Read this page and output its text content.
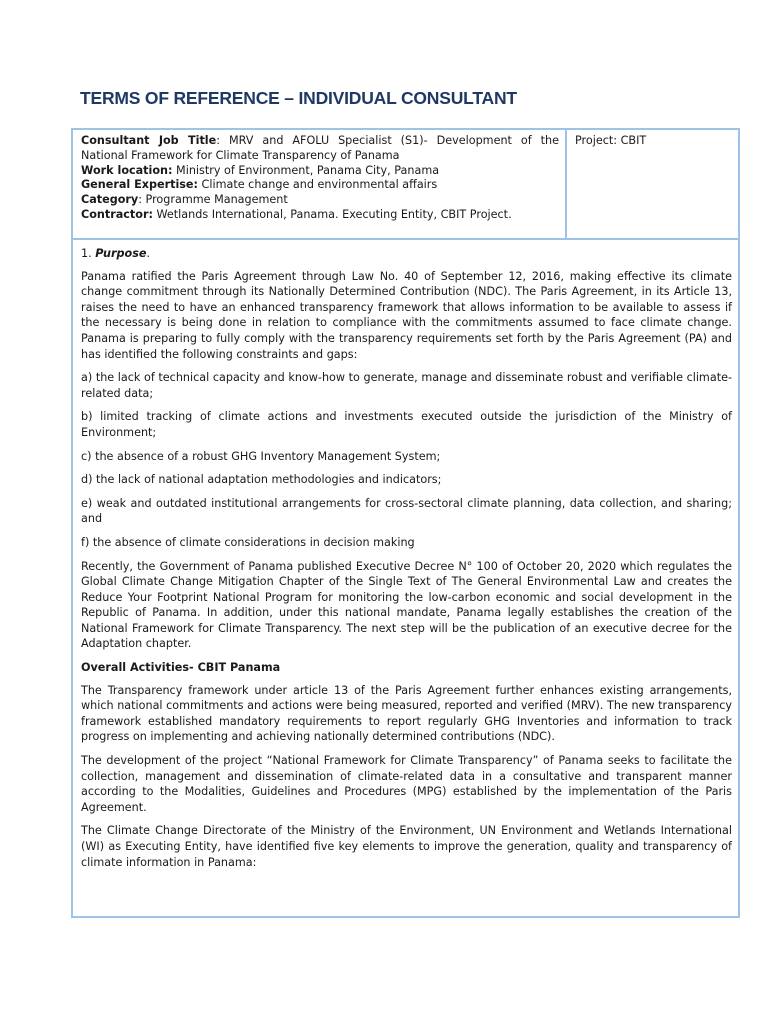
TERMS OF REFERENCE – INDIVIDUAL CONSULTANT
Consultant Job Title: MRV and AFOLU Specialist (S1)- Development of the
National Framework for Climate Transparency of Panama
Work location: Ministry of Environment, Panama City, Panama
General Expertise: Climate change and environmental affairs
Category: Programme Management
Contractor: Wetlands International, Panama. Executing Entity, CBIT Project.
Project: CBIT
1. Purpose.

Panama ratified the Paris Agreement through Law No. 40 of September 12, 2016, making effective its climate change commitment through its Nationally Determined Contribution (NDC). The Paris Agreement, in its Article 13, raises the need to have an enhanced transparency framework that allows information to be available to assess if the necessary is being done in relation to compliance with the commitments assumed to face climate change. Panama is preparing to fully comply with the transparency requirements set forth by the Paris Agreement (PA) and has identified the following constraints and gaps:

a) the lack of technical capacity and know-how to generate, manage and disseminate robust and verifiable climate-related data;

b) limited tracking of climate actions and investments executed outside the jurisdiction of the Ministry of Environment;

c) the absence of a robust GHG Inventory Management System;

d) the lack of national adaptation methodologies and indicators;

e) weak and outdated institutional arrangements for cross-sectoral climate planning, data collection, and sharing; and

f) the absence of climate considerations in decision making

Recently, the Government of Panama published Executive Decree N° 100 of October 20, 2020 which regulates the Global Climate Change Mitigation Chapter of the Single Text of The General Environmental Law and creates the Reduce Your Footprint National Program for monitoring the low-carbon economic and social development in the Republic of Panama. In addition, under this national mandate, Panama legally establishes the creation of the National Framework for Climate Transparency. The next step will be the publication of an executive decree for the Adaptation chapter.

Overall Activities- CBIT Panama

The Transparency framework under article 13 of the Paris Agreement further enhances existing arrangements, which national commitments and actions were being measured, reported and verified (MRV). The new transparency framework established mandatory requirements to report regularly GHG Inventories and information to track progress on implementing and achieving nationally determined contributions (NDC).

The development of the project “National Framework for Climate Transparency” of Panama seeks to facilitate the collection, management and dissemination of climate-related data in a consultative and transparent manner according to the Modalities, Guidelines and Procedures (MPG) established by the implementation of the Paris Agreement.

The Climate Change Directorate of the Ministry of the Environment, UN Environment and Wetlands International (WI) as Executing Entity, have identified five key elements to improve the generation, quality and transparency of climate information in Panama:
